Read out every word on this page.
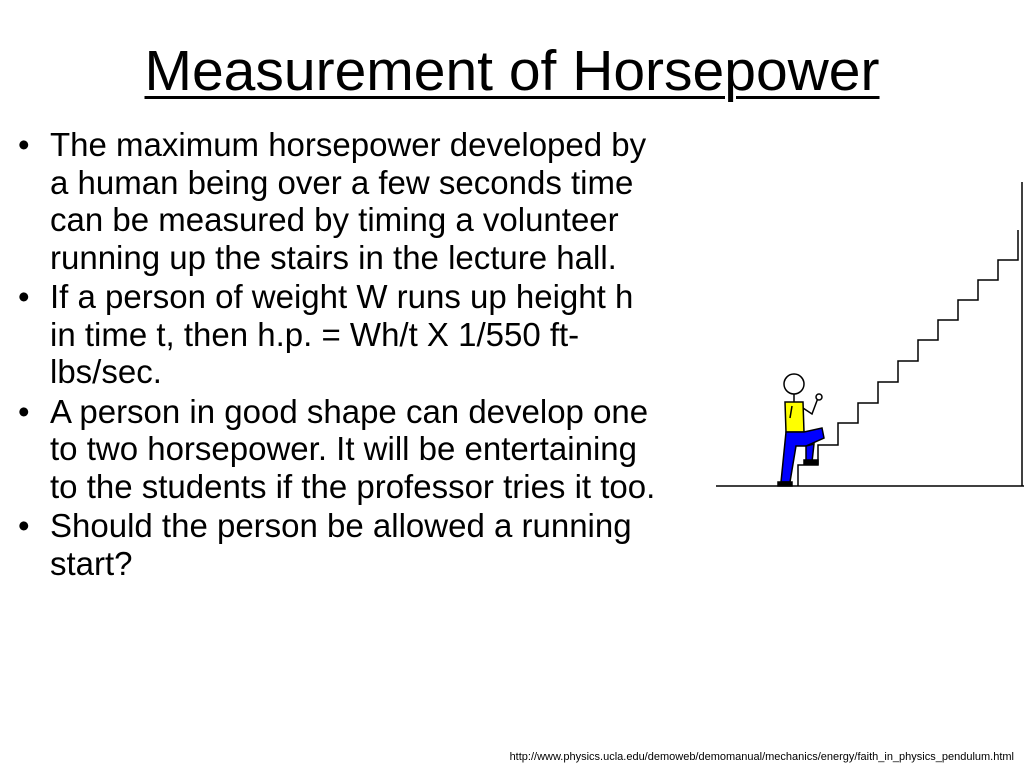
Measurement of Horsepower
• The maximum horsepower developed by a human being over a few seconds time can be measured by timing a volunteer running up the stairs in the lecture hall.
• If a person of weight W runs up height h in time t, then h.p. = Wh/t X 1/550 ft-lbs/sec.
• A person in good shape can develop one to two horsepower. It will be entertaining to the students if the professor tries it too.
• Should the person be allowed a running start?
http://www.physics.ucla.edu/demoweb/demomanual/mechanics/energy/faith_in_physics_pendulum.html
